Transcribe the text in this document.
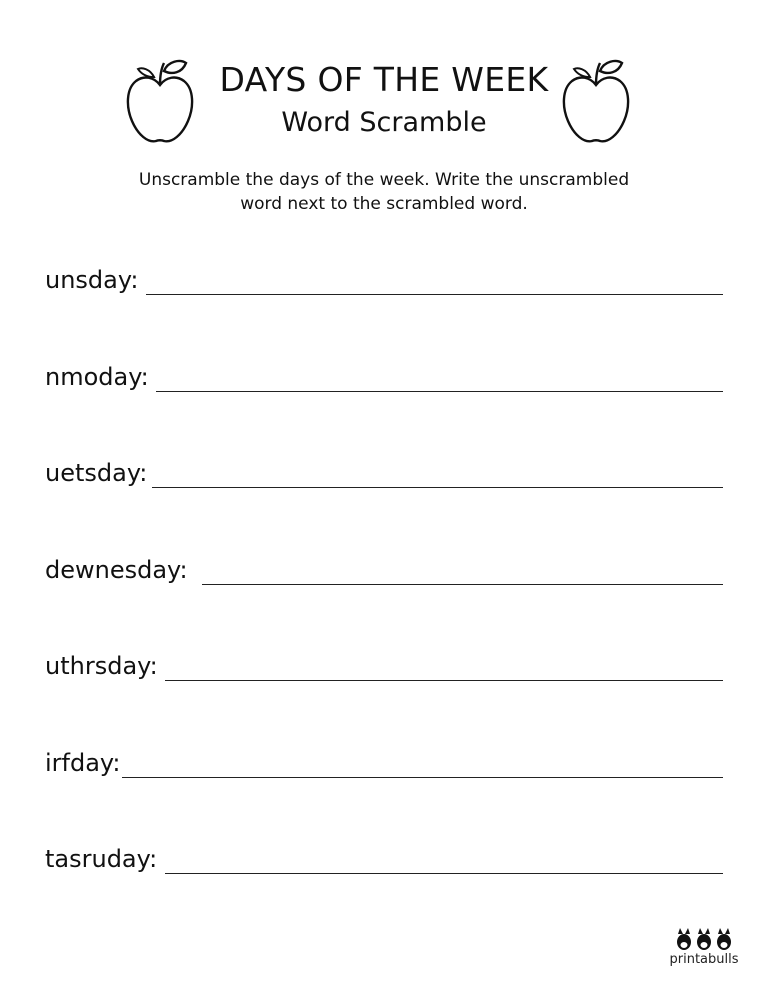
DAYS OF THE WEEK
Word Scramble
Unscramble the days of the week. Write the unscrambled
word next to the scrambled word.
unsday:
nmoday:
uetsday:
dewnesday:
uthrsday:
irfday:
tasruday:
printabulls
